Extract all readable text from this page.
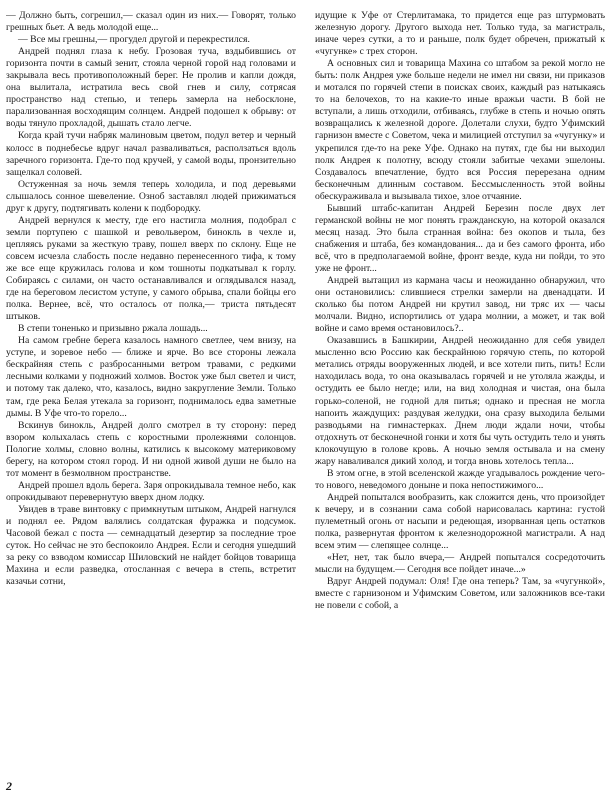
— Должно быть, согрешил,— сказал один из них.— Говорят, только грешных бьет. А ведь молодой еще...

— Все мы грешны,— прогудел другой и перекрестился.

Андрей поднял глаза к небу. Грозовая туча, вздыбившись от горизонта почти в самый зенит, стояла черной горой над головами и закрывала весь противоположный берег. Не пролив и капли дождя, она вылитала, истратила весь свой гнев и силу, сотрясая пространство над степью, и теперь замерла на небосклоне, парализованная восходящим солнцем. Андрей подошел к обрыву: от воды тянуло прохладой, дышать стало легче.

Когда край тучи набряк малиновым цветом, подул ветер и черный колосс в поднебесье вдруг начал разваливаться, расползаться вдоль заречного горизонта. Где-то под кручей, у самой воды, пронзительно защелкал соловей.

Остуженная за ночь земля теперь холодила, и под деревьями слышалось сонное шевеление. Озноб заставлял людей прижиматься друг к другу, подтягивать колени к подбородку.

Андрей вернулся к месту, где его настигла молния, подобрал с земли портупею с шашкой и револьвером, бинокль в чехле и, цепляясь руками за жесткую траву, пошел вверх по склону. Еще не совсем исчезла слабость после недавно перенесенного тифа, к тому же все еще кружилась голова и ком тошноты подкатывал к горлу. Собираясь с силами, он часто останавливался и оглядывался назад, где на береговом лесистом уступе, у самого обрыва, спали бойцы его полка. Вернее, всё, что осталось от полка,— триста пятьдесят штыков.

В степи тоненько и призывно ржала лошадь...

На самом гребне берега казалось намного светлее, чем внизу, на уступе, и зоревое небо — ближе и ярче. Во все стороны лежала бескрайняя степь с разбросанными ветром травами, с редкими лесными колками у подножий холмов. Восток уже был светел и чист, и потому так далеко, что, казалось, видно закругление Земли. Только там, где река Белая утекала за горизонт, поднималось едва заметные дымы. В Уфе что-то горело...

Вскинув бинокль, Андрей долго смотрел в ту сторону: перед взором колыхалась степь с коростными пролежнями солонцов. Пологие холмы, словно волны, катились к высокому материковому берегу, на котором стоял город. И ни одной живой души не было на тот момент в безмолвном пространстве.

Андрей прошел вдоль берега. Заря опрокидывала темное небо, как опрокидывают перевернутую вверх дном лодку.

Увидев в траве винтовку с примкнутым штыком, Андрей нагнулся и поднял ее. Рядом валялись солдатская фуражка и подсумок. Часовой бежал с поста — семнадцатый дезертир за последние трое суток. Но сейчас не это беспокоило Андрея. Если и сегодня ушедший за реку со взводом комиссар Шиловский не найдет бойцов товарища Махина и если разведка, отосланная с вечера в степь, встретит казачьи сотни,

идущие к Уфе от Стерлитамака, то придется еще раз штурмовать железную дорогу. Другого выхода нет. Только туда, за магистраль, иначе через сутки, а то и раньше, полк будет обречен, прижатый к «чугунке» с трех сторон.

А основных сил и товарища Махина со штабом за рекой могло не быть: полк Андрея уже больше недели не имел ни связи, ни приказов и мотался по горячей степи в поисках своих, каждый раз натыкаясь то на белочехов, то на какие-то иные вражьи части. В бой не вступали, а лишь отходили, отбиваясь, глубже в степь и ночью опять возвращались к железной дороге. Долетали слухи, будто Уфимский гарнизон вместе с Советом, чека и милицией отступил за «чугунку» и укрепился где-то на реке Уфе. Однако на путях, где бы ни выходил полк Андрея к полотну, всюду стояли забитые чехами эшелоны. Создавалось впечатление, будто вся Россия перерезана одним бесконечным длинным составом. Бессмысленность этой войны обескураживала и вызывала тихое, злое отчаяние.

Бывший штабс-капитан Андрей Березин после двух лет германской войны не мог понять гражданскую, на которой оказался месяц назад. Это была странная война: без окопов и тыла, без снабжения и штаба, без командования... да и без самого фронта, ибо всё, что в предполагаемой войне, фронт везде, куда ни пойди, то это уже не фронт...

Андрей вытащил из кармана часы и неожиданно обнаружил, что они остановились: слившиеся стрелки замерли на двенадцати. И сколько бы потом Андрей ни крутил завод, ни тряс их — часы молчали. Видно, испортились от удара молнии, а может, и так вой войне и само время остановилось?..

Оказавшись в Башкирии, Андрей неожиданно для себя увидел мысленно всю Россию как бескрайнюю горячую степь, по которой метались отряды вооруженных людей, и все хотели пить, пить! Если находилась вода, то она оказывалась горячей и не утоляла жажды, и остудить ее было негде; или, на вид холодная и чистая, она была горько-соленой, не годной для питья; однако и пресная не могла напоить жаждущих: раздувая желудки, она сразу выходила белыми разводьями на гимнастерках. Днем люди ждали ночи, чтобы отдохнуть от бесконечной гонки и хотя бы чуть остудить тело и унять клокочущую в голове кровь. А ночью земля остывала и на смену жару наваливался дикий холод, и тогда вновь хотелось тепла...

В этом огне, в этой вселенской жажде угадывалось рождение чего-то нового, неведомого доныне и пока непостижимого...

Андрей попытался вообразить, как сложится день, что произойдет к вечеру, и в сознании сама собой нарисовалась картина: густой пулеметный огонь от насыпи и редеющая, изорванная цепь остатков полка, развернутая фронтом к железнодорожной магистрали. А над всем этим — слепящее солнце...

«Нет, нет, так было вчера,— Андрей попытался сосредоточить мысли на будущем.— Сегодня все пойдет иначе...»

Вдруг Андрей подумал: Оля! Где она теперь? Там, за «чугункой», вместе с гарнизоном и Уфимским Советом, или заложников все-таки не повели с собой, а

2
